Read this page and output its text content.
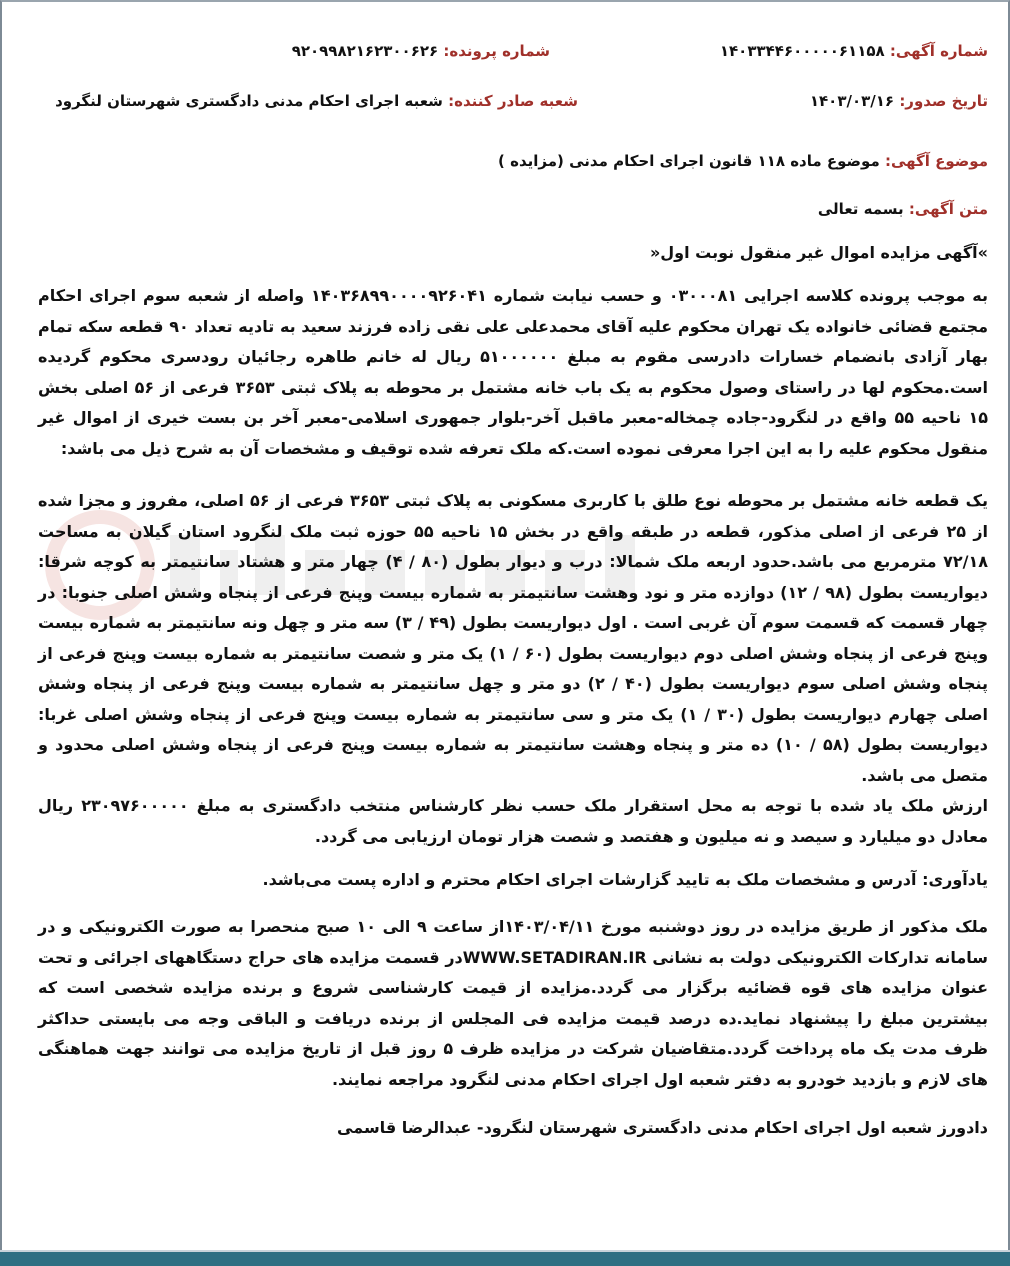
شماره آگهی: ۱۴۰۳۳۴۴۶۰۰۰۰۰۶۱۱۵۸
شماره پرونده: ۹۲۰۹۹۸۲۱۶۲۳۰۰۶۲۶
تاریخ صدور: ۱۴۰۳/۰۳/۱۶
شعبه صادر کننده: شعبه اجرای احکام مدنی دادگستری شهرستان لنگرود
موضوع آگهی: موضوع ماده ۱۱۸ قانون اجرای احکام مدنی (مزایده )
متن آگهی: بسمه تعالی
»آگهی مزایده اموال غیر منقول نوبت اول«
به موجب پرونده کلاسه اجرایی ۰۳۰۰۰۸۱ و حسب نیابت شماره ۱۴۰۳۶۸۹۹۰۰۰۰۹۲۶۰۴۱ واصله از شعبه سوم اجرای احکام مجتمع قضائی خانواده یک تهران محکوم علیه آقای محمدعلی علی نقی زاده فرزند سعید به تادیه تعداد ۹۰ قطعه سکه تمام بهار آزادی بانضمام خسارات دادرسی مقوم به مبلغ ۵۱۰۰۰۰۰۰ ریال له خانم طاهره رجائیان رودسری محکوم گردیده است.محکوم لها در راستای وصول محکوم به یک باب خانه مشتمل بر محوطه به پلاک ثبتی ۳۶۵۳ فرعی از ۵۶ اصلی بخش ۱۵ ناحیه ۵۵ واقع در لنگرود-جاده چمخاله-معبر ماقبل آخر-بلوار جمهوری اسلامی-معبر آخر بن بست خیری از اموال غیر منقول محکوم علیه را به این اجرا معرفی نموده است.که ملک تعرفه شده توقیف و مشخصات آن به شرح ذیل می باشد:
یک قطعه خانه مشتمل بر محوطه نوع طلق با کاربری مسکونی به پلاک ثبتی ۳۶۵۳ فرعی از ۵۶ اصلی، مفروز و مجزا شده از ۲۵ فرعی از اصلی مذکور، قطعه در طبقه واقع در بخش ۱۵ ناحیه ۵۵ حوزه ثبت ملک لنگرود استان گیلان به مساحت ۷۲/۱۸ مترمربع می باشد.حدود اربعه ملک شمالا: درب و دیوار بطول (۸۰ / ۴) چهار متر و هشتاد سانتیمتر به کوچه شرقا: دیواریست بطول (۹۸ / ۱۲) دوازده متر و نود وهشت سانتیمتر به شماره بیست وپنج فرعی از پنجاه وشش اصلی جنوبا: در چهار قسمت که قسمت سوم آن غربی است . اول دیواریست بطول (۴۹ / ۳) سه متر و چهل ونه سانتیمتر به شماره بیست وپنج فرعی از پنجاه وشش اصلی دوم دیواریست بطول (۶۰ / ۱) یک متر و شصت سانتیمتر به شماره بیست وپنج فرعی از پنجاه وشش اصلی سوم دیواریست بطول (۴۰ / ۲) دو متر و چهل سانتیمتر به شماره بیست وپنج فرعی از پنجاه وشش اصلی چهارم دیواریست بطول (۳۰ / ۱) یک متر و سی سانتیمتر به شماره بیست وپنج فرعی از پنجاه وشش اصلی غربا: دیواریست بطول (۵۸ / ۱۰) ده متر و پنجاه وهشت سانتیمتر به شماره بیست وپنج فرعی از پنجاه وشش اصلی محدود و متصل می باشد.
ارزش ملک یاد شده با توجه به محل استقرار ملک حسب نظر کارشناس منتخب دادگستری به مبلغ ۲۳۰۹۷۶۰۰۰۰۰ ریال معادل دو میلیارد و سیصد و نه میلیون و هفتصد و شصت هزار تومان ارزیابی می گردد.
یادآوری: آدرس و مشخصات ملک به تایید گزارشات اجرای احکام محترم و اداره پست می‌باشد.
ملک مذکور از طریق مزایده در روز دوشنبه مورخ ۱۴۰۳/۰۴/۱۱از ساعت ۹ الی ۱۰ صبح منحصرا به صورت الکترونیکی و در سامانه تدارکات الکترونیکی دولت به نشانی WWW.SETADIRAN.IRدر قسمت مزایده های حراج دستگاههای اجرائی و تحت عنوان مزایده های قوه قضائیه برگزار می گردد.مزایده از قیمت کارشناسی شروع و برنده مزایده شخصی است که بیشترین مبلغ را پیشنهاد نماید.ده درصد قیمت مزایده فی المجلس از برنده دریافت و الباقی وجه می بایستی حداکثر ظرف مدت یک ماه پرداخت گردد.متقاضیان شرکت در مزایده ظرف ۵ روز قبل از تاریخ مزایده می توانند جهت هماهنگی های لازم و بازدید خودرو به دفتر شعبه اول اجرای احکام مدنی لنگرود مراجعه نمایند.
دادورز شعبه اول اجرای احکام مدنی دادگستری شهرستان لنگرود- عبدالرضا قاسمی
